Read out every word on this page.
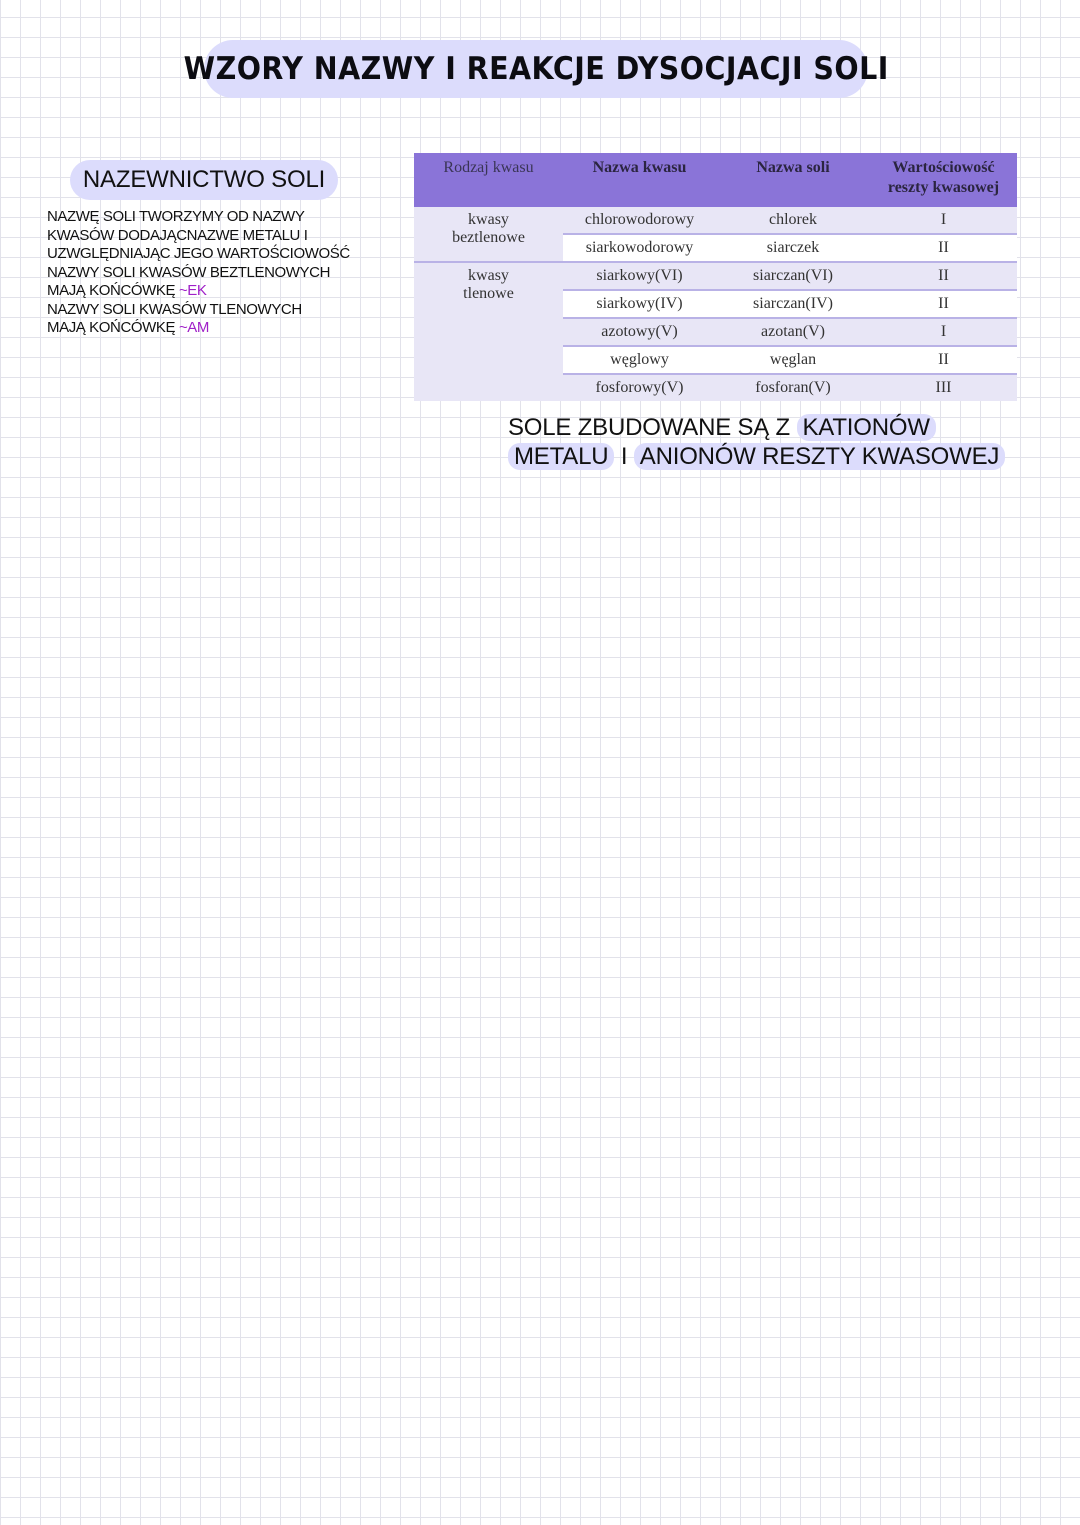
WZORY NAZWY I REAKCJE DYSOCJACJI SOLI
NAZEWNICTWO SOLI
NAZWĘ SOLI TWORZYMY OD NAZWY
KWASÓW DODAJĄCNAZWE METALU I
UZWGLĘDNIAJĄC JEGO WARTOŚCIOWOŚĆ
NAZWY SOLI KWASÓW BEZTLENOWYCH
MAJĄ KOŃCÓWKĘ ~EK
NAZWY SOLI KWASÓW TLENOWYCH
MAJĄ KOŃCÓWKĘ ~AM
Rodzaj kwasu	Nazwa kwasu	Nazwa soli	Wartościowość reszty kwasowej

kwasy
beztlenowe	chlorowodorowy	chlorek	I
	siarkowodorowy	siarczek	II

kwasy
tlenowe	siarkowy(VI)	siarczan(VI)	II
	siarkowy(IV)	siarczan(IV)	II
	azotowy(V)	azotan(V)	I
	węglowy	węglan	II
	fosforowy(V)	fosforan(V)	III
SOLE ZBUDOWANE SĄ Z KATIONÓW
METALU I ANIONÓW RESZTY KWASOWEJ
